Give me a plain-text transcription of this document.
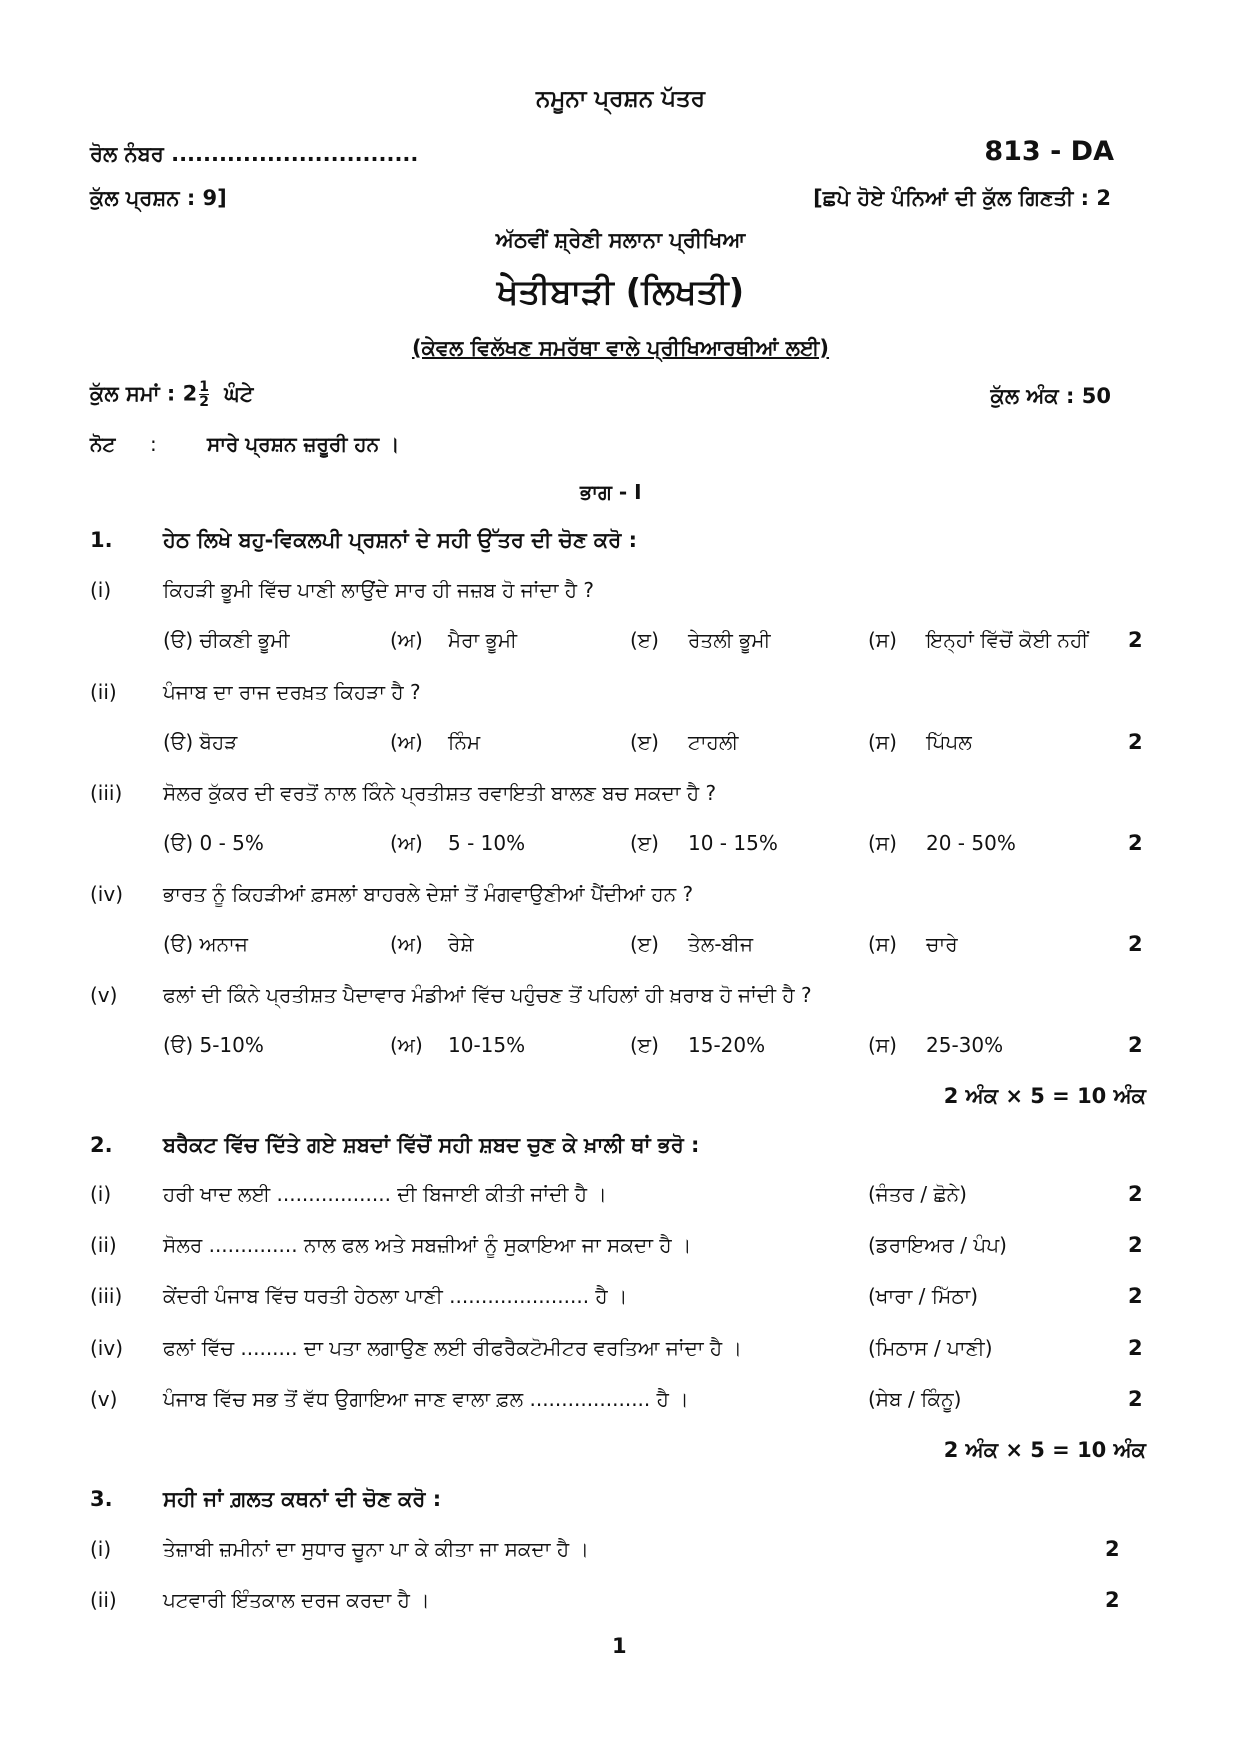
ਨਮੂਨਾ ਪ੍ਰਸ਼ਨ ਪੱਤਰ
ਰੋਲ ਨੰਬਰ ...............................	813 - DA
ਕੁੱਲ ਪ੍ਰਸ਼ਨ : 9]	[ਛਪੇ ਹੋਏ ਪੰਨਿਆਂ ਦੀ ਕੁੱਲ ਗਿਣਤੀ : 2
ਅੱਠਵੀਂ ਸ਼੍ਰੇਣੀ ਸਲਾਨਾ ਪ੍ਰੀਖਿਆ
ਖੇਤੀਬਾੜੀ (ਲਿਖਤੀ)
(ਕੇਵਲ ਵਿਲੱਖਣ ਸਮਰੱਥਾ ਵਾਲੇ ਪ੍ਰੀਖਿਆਰਥੀਆਂ ਲਈ)
ਕੁੱਲ ਸਮਾਂ : $2 \frac{1}{2}$ ਘੰਟੇ	ਕੁੱਲ ਅੰਕ : 50
ਨੋਟ :	ਸਾਰੇ ਪ੍ਰਸ਼ਨ ਜ਼ਰੂਰੀ ਹਨ ।
ਭਾਗ - I
1. ਹੇਠ ਲਿਖੇ ਬਹੁ-ਵਿਕਲਪੀ ਪ੍ਰਸ਼ਨਾਂ ਦੇ ਸਹੀ ਉੱਤਰ ਦੀ ਚੋਣ ਕਰੋ :
(i)	ਕਿਹੜੀ ਭੂਮੀ ਵਿੱਚ ਪਾਣੀ ਲਾਉਂਦੇ ਸਾਰ ਹੀ ਜਜ਼ਬ ਹੋ ਜਾਂਦਾ ਹੈ ?
(ੳ) ਚੀਕਣੀ ਭੂਮੀ	(ਅ) ਮੈਰਾ ਭੂਮੀ	(ੲ) ਰੇਤਲੀ ਭੂਮੀ	(ਸ) ਇਨ੍ਹਾਂ ਵਿੱਚੋਂ ਕੋਈ ਨਹੀਂ 2
(ii) ਪੰਜਾਬ ਦਾ ਰਾਜ ਦਰਖ਼ਤ ਕਿਹੜਾ ਹੈ ?
(ੳ) ਬੋਹੜ	(ਅ) ਨਿੰਮ	(ੲ) ਟਾਹਲੀ	(ਸ) ਪਿੱਪਲ	2
(iii) ਸੋਲਰ ਕੁੱਕਰ ਦੀ ਵਰਤੋਂ ਨਾਲ ਕਿੰਨੇ ਪ੍ਰਤੀਸ਼ਤ ਰਵਾਇਤੀ ਬਾਲਣ ਬਚ ਸਕਦਾ ਹੈ ?
(ੳ) 0 - 5%	(ਅ) 5 - 10%	(ੲ) 10 - 15%	(ਸ) 20 - 50%	2
(iv) ਭਾਰਤ ਨੂੰ ਕਿਹੜੀਆਂ ਫ਼ਸਲਾਂ ਬਾਹਰਲੇ ਦੇਸ਼ਾਂ ਤੋਂ ਮੰਗਵਾਉਣੀਆਂ ਪੈਂਦੀਆਂ ਹਨ ?
(ੳ) ਅਨਾਜ	(ਅ) ਰੇਸ਼ੇ	(ੲ) ਤੇਲ-ਬੀਜ	(ਸ) ਚਾਰੇ	2
(v) ਫਲਾਂ ਦੀ ਕਿੰਨੇ ਪ੍ਰਤੀਸ਼ਤ ਪੈਦਾਵਾਰ ਮੰਡੀਆਂ ਵਿੱਚ ਪਹੁੰਚਣ ਤੋਂ ਪਹਿਲਾਂ ਹੀ ਖ਼ਰਾਬ ਹੋ ਜਾਂਦੀ ਹੈ ?
(ੳ) 5-10%	(ਅ) 10-15%	(ੲ) 15-20%	(ਸ) 25-30%	2
2 ਅੰਕ × 5 = 10 ਅੰਕ
2. ਬਰੈਕਟ ਵਿੱਚ ਦਿੱਤੇ ਗਏ ਸ਼ਬਦਾਂ ਵਿੱਚੋਂ ਸਹੀ ਸ਼ਬਦ ਚੁਣ ਕੇ ਖ਼ਾਲੀ ਥਾਂ ਭਰੋ :
(i)	ਹਰੀ ਖਾਦ ਲਈ .................. ਦੀ ਬਿਜਾਈ ਕੀਤੀ ਜਾਂਦੀ ਹੈ ।	(ਜੰਤਰ / ਛੋਨੇ)	2
(ii) ਸੋਲਰ .............. ਨਾਲ ਫਲ ਅਤੇ ਸਬਜ਼ੀਆਂ ਨੂੰ ਸੁਕਾਇਆ ਜਾ ਸਕਦਾ ਹੈ ।	(ਡਰਾਇਅਰ / ਪੰਪ)	2
(iii) ਕੇਂਦਰੀ ਪੰਜਾਬ ਵਿੱਚ ਧਰਤੀ ਹੇਠਲਾ ਪਾਣੀ ...................... ਹੈ ।	(ਖਾਰਾ / ਮਿੱਠਾ)	2
(iv) ਫਲਾਂ ਵਿੱਚ ......... ਦਾ ਪਤਾ ਲਗਾਉਣ ਲਈ ਰੀਫਰੈਕਟੋਮੀਟਰ ਵਰਤਿਆ ਜਾਂਦਾ ਹੈ ।	(ਮਿਠਾਸ / ਪਾਣੀ)	2
(v) ਪੰਜਾਬ ਵਿੱਚ ਸਭ ਤੋਂ ਵੱਧ ਉਗਾਇਆ ਜਾਣ ਵਾਲਾ ਫ਼ਲ ................... ਹੈ ।	(ਸੇਬ / ਕਿੰਨੂ)	2
2 ਅੰਕ × 5 = 10 ਅੰਕ
3. ਸਹੀ ਜਾਂ ਗ਼ਲਤ ਕਥਨਾਂ ਦੀ ਚੋਣ ਕਰੋ :
(i)	ਤੇਜ਼ਾਬੀ ਜ਼ਮੀਨਾਂ ਦਾ ਸੁਧਾਰ ਚੂਨਾ ਪਾ ਕੇ ਕੀਤਾ ਜਾ ਸਕਦਾ ਹੈ ।	2
(ii) ਪਟਵਾਰੀ ਇੰਤਕਾਲ ਦਰਜ ਕਰਦਾ ਹੈ ।	2
1
